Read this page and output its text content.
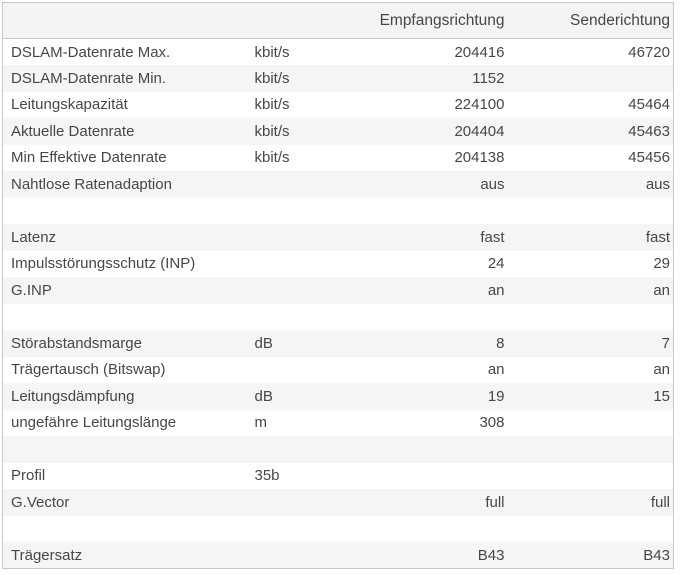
		Empfangsrichtung	Senderichtung
DSLAM-Datenrate Max.	kbit/s	204416	46720
DSLAM-Datenrate Min.	kbit/s	1152	
Leitungskapazität	kbit/s	224100	45464
Aktuelle Datenrate	kbit/s	204404	45463
Min Effektive Datenrate	kbit/s	204138	45456
Nahtlose Ratenadaption		aus	aus

Latenz		fast	fast
Impulsstörungsschutz (INP)		24	29
G.INP		an	an

Störabstandsmarge	dB	8	7
Trägertausch (Bitswap)		an	an
Leitungsdämpfung	dB	19	15
ungefähre Leitungslänge	m	308	

Profil	35b		
G.Vector		full	full

Trägersatz		B43	B43
